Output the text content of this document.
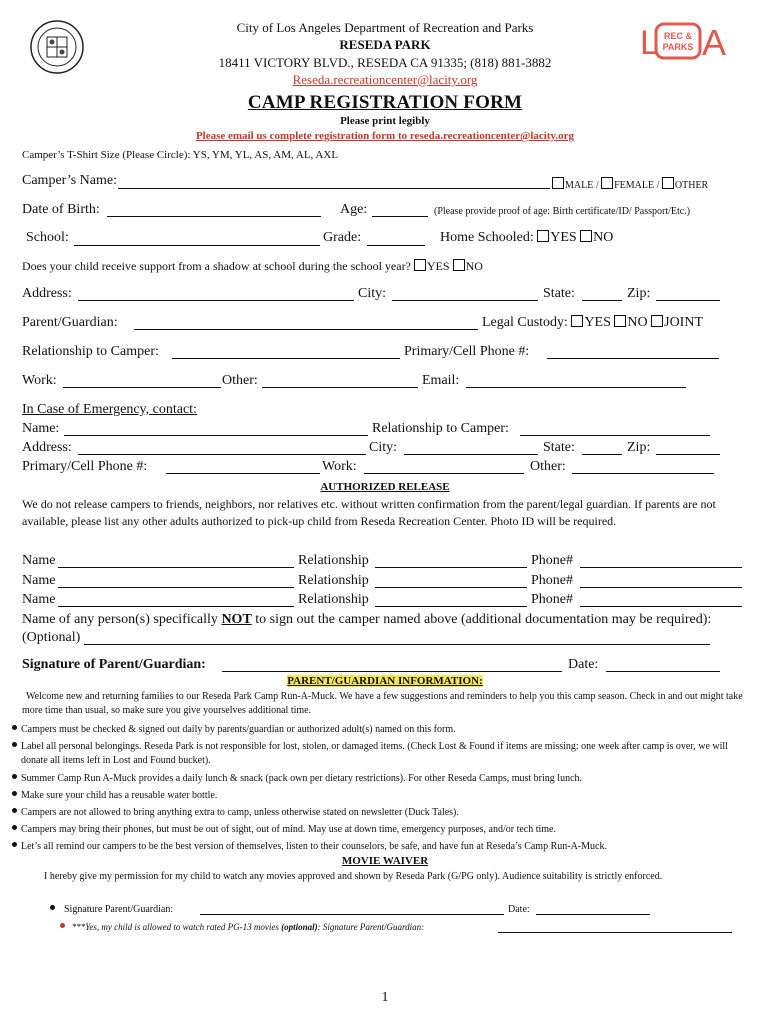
L REC &
PARKS A
City of Los Angeles Department of Recreation and Parks
RESEDA PARK
18411 VICTORY BLVD., RESEDA CA 91335; (818) 881-3882
Reseda.recreationcenter@lacity.org
CAMP REGISTRATION FORM
Please print legibly
Please email us complete registration form to reseda.recreationcenter@lacity.org
Camper’s T-Shirt Size (Please Circle): YS, YM, YL, AS, AM, AL, AXL
Camper’s Name:	MALE / FEMALE / OTHER
Date of Birth:	Age:	(Please provide proof of age: Birth certificate/ID/ Passport/Etc.)
School:	Grade:	Home Schooled: YES NO
Does your child receive support from a shadow at school during the school year? YES NO
Address:	City:	State:	Zip:
Parent/Guardian:	Legal Custody: YES NO JOINT
Relationship to Camper:	Primary/Cell Phone #:
Work:	Other:	Email:
In Case of Emergency, contact:
Name:	Relationship to Camper:
Address:	City:	State:	Zip:
Primary/Cell Phone #:	Work:	Other:
AUTHORIZED RELEASE
We do not release campers to friends, neighbors, nor relatives etc. without written confirmation from the parent/legal guardian. If parents are not available, please list any other adults authorized to pick-up child from Reseda Recreation Center. Photo ID will be required.
Name	Relationship	Phone#
Name	Relationship	Phone#
Name	Relationship	Phone#
Name of any person(s) specifically NOT to sign out the camper named above (additional documentation may be required):
(Optional)
Signature of Parent/Guardian:	Date:
PARENT/GUARDIAN INFORMATION:
Welcome new and returning families to our Reseda Park Camp Run-A-Muck. We have a few suggestions and reminders to help you this camp season. Check in and out might take more time than usual, so make sure you give yourselves additional time.
Campers must be checked & signed out daily by parents/guardian or authorized adult(s) named on this form.
Label all personal belongings. Reseda Park is not responsible for lost, stolen, or damaged items. (Check Lost & Found if items are missing: one week after camp is over, we will donate all items left in Lost and Found bucket).
Summer Camp Run A-Muck provides a daily lunch & snack (pack own per dietary restrictions). For other Reseda Camps, must bring lunch.
Make sure your child has a reusable water bottle.
Campers are not allowed to bring anything extra to camp, unless otherwise stated on newsletter (Duck Tales).
Campers may bring their phones, but must be out of sight, out of mind. May use at down time, emergency purposes, and/or tech time.
Let’s all remind our campers to be the best version of themselves, listen to their counselors, be safe, and have fun at Reseda’s Camp Run-A-Muck.
MOVIE WAIVER
I hereby give my permission for my child to watch any movies approved and shown by Reseda Park (G/PG only). Audience suitability is strictly enforced.
Signature Parent/Guardian:	Date:
***Yes, my child is allowed to watch rated PG-13 movies (optional): Signature Parent/Guardian:
1
